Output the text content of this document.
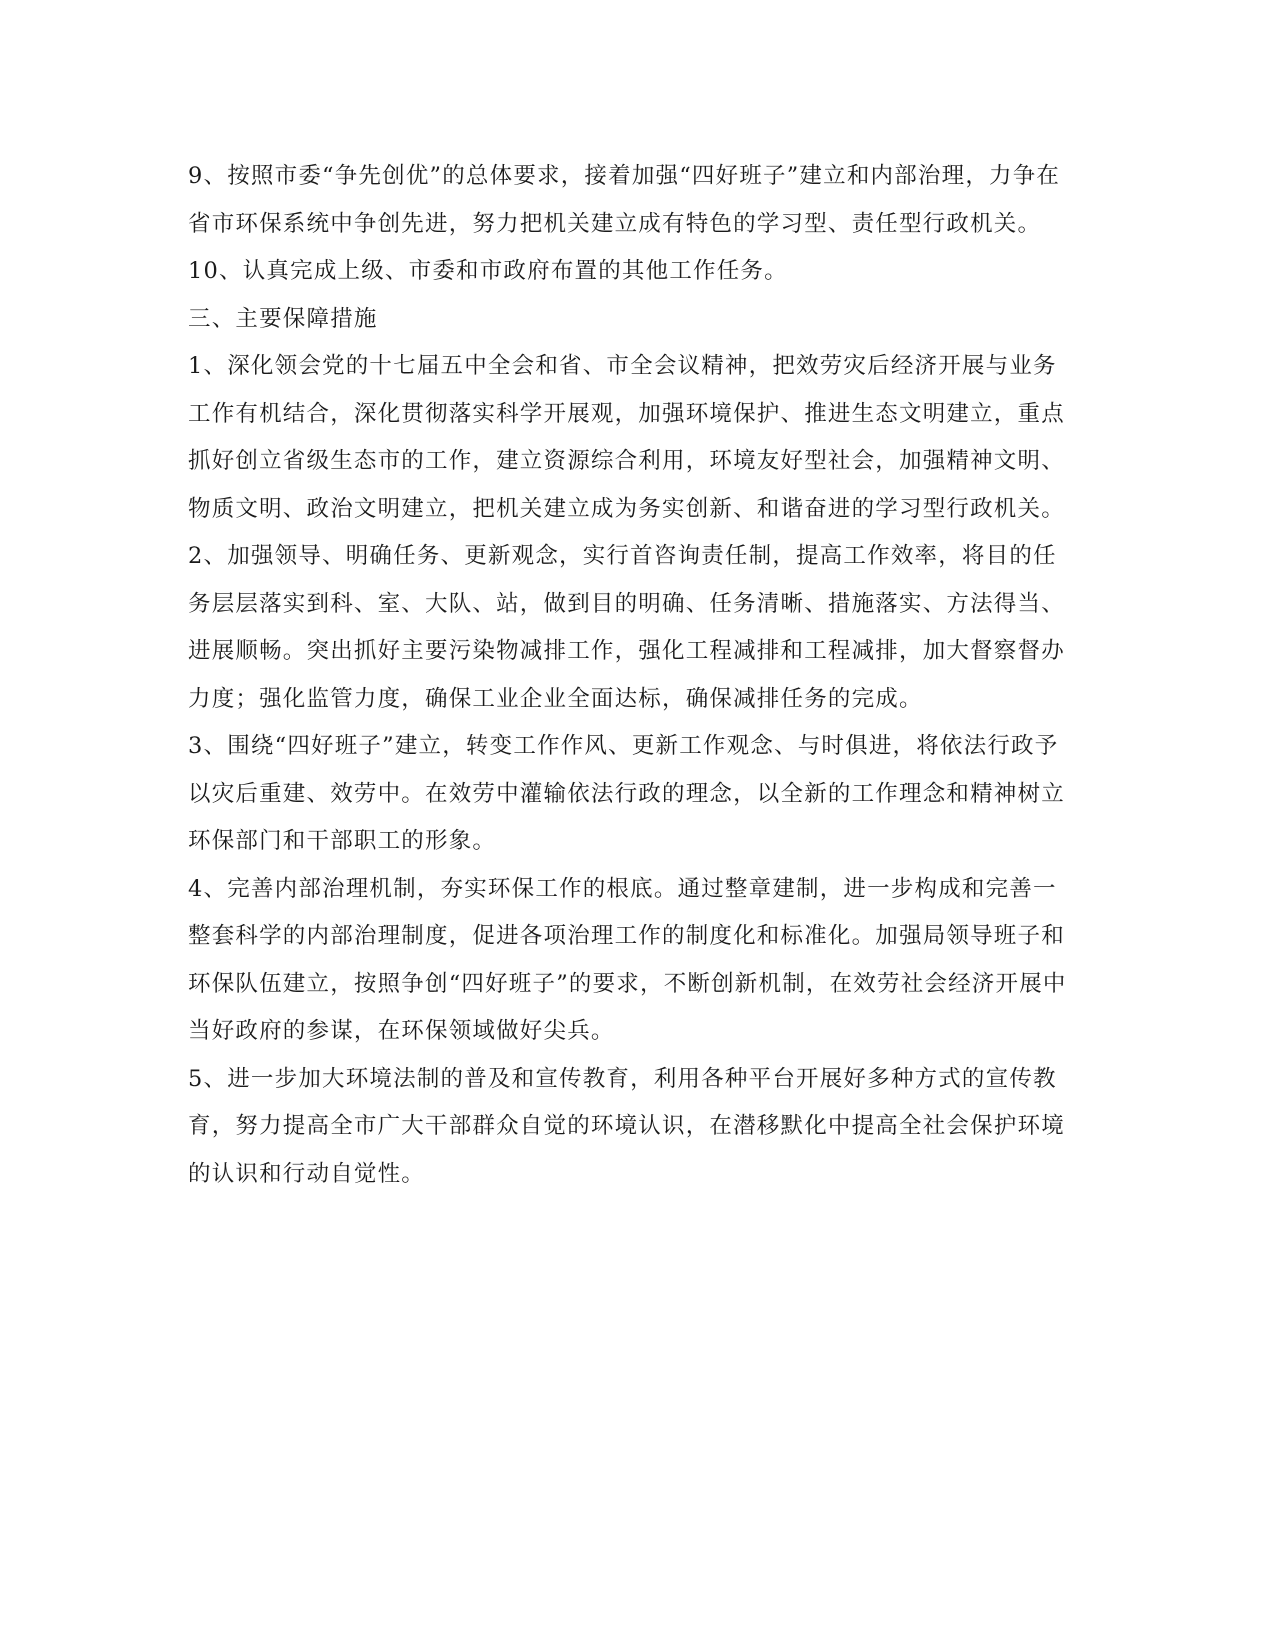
9、按照市委“争先创优”的总体要求，接着加强“四好班子”建立和内部治理，力争在省市环保系统中争创先进，努力把机关建立成有特色的学习型、责任型行政机关。

10、认真完成上级、市委和市政府布置的其他工作任务。

三、主要保障措施

1、深化领会党的十七届五中全会和省、市全会议精神，把效劳灾后经济开展与业务工作有机结合，深化贯彻落实科学开展观，加强环境保护、推进生态文明建立，重点抓好创立省级生态市的工作，建立资源综合利用，环境友好型社会，加强精神文明、物质文明、政治文明建立，把机关建立成为务实创新、和谐奋进的学习型行政机关。

2、加强领导、明确任务、更新观念，实行首咨询责任制，提高工作效率，将目的任务层层落实到科、室、大队、站，做到目的明确、任务清晰、措施落实、方法得当、进展顺畅。突出抓好主要污染物减排工作，强化工程减排和工程减排，加大督察督办力度；强化监管力度，确保工业企业全面达标，确保减排任务的完成。

3、围绕“四好班子”建立，转变工作作风、更新工作观念、与时俱进，将依法行政予以灾后重建、效劳中。在效劳中灌输依法行政的理念，以全新的工作理念和精神树立环保部门和干部职工的形象。

4、完善内部治理机制，夯实环保工作的根底。通过整章建制，进一步构成和完善一整套科学的内部治理制度，促进各项治理工作的制度化和标准化。加强局领导班子和环保队伍建立，按照争创“四好班子”的要求，不断创新机制，在效劳社会经济开展中当好政府的参谋，在环保领域做好尖兵。

5、进一步加大环境法制的普及和宣传教育，利用各种平台开展好多种方式的宣传教育，努力提高全市广大干部群众自觉的环境认识，在潜移默化中提高全社会保护环境的认识和行动自觉性。
